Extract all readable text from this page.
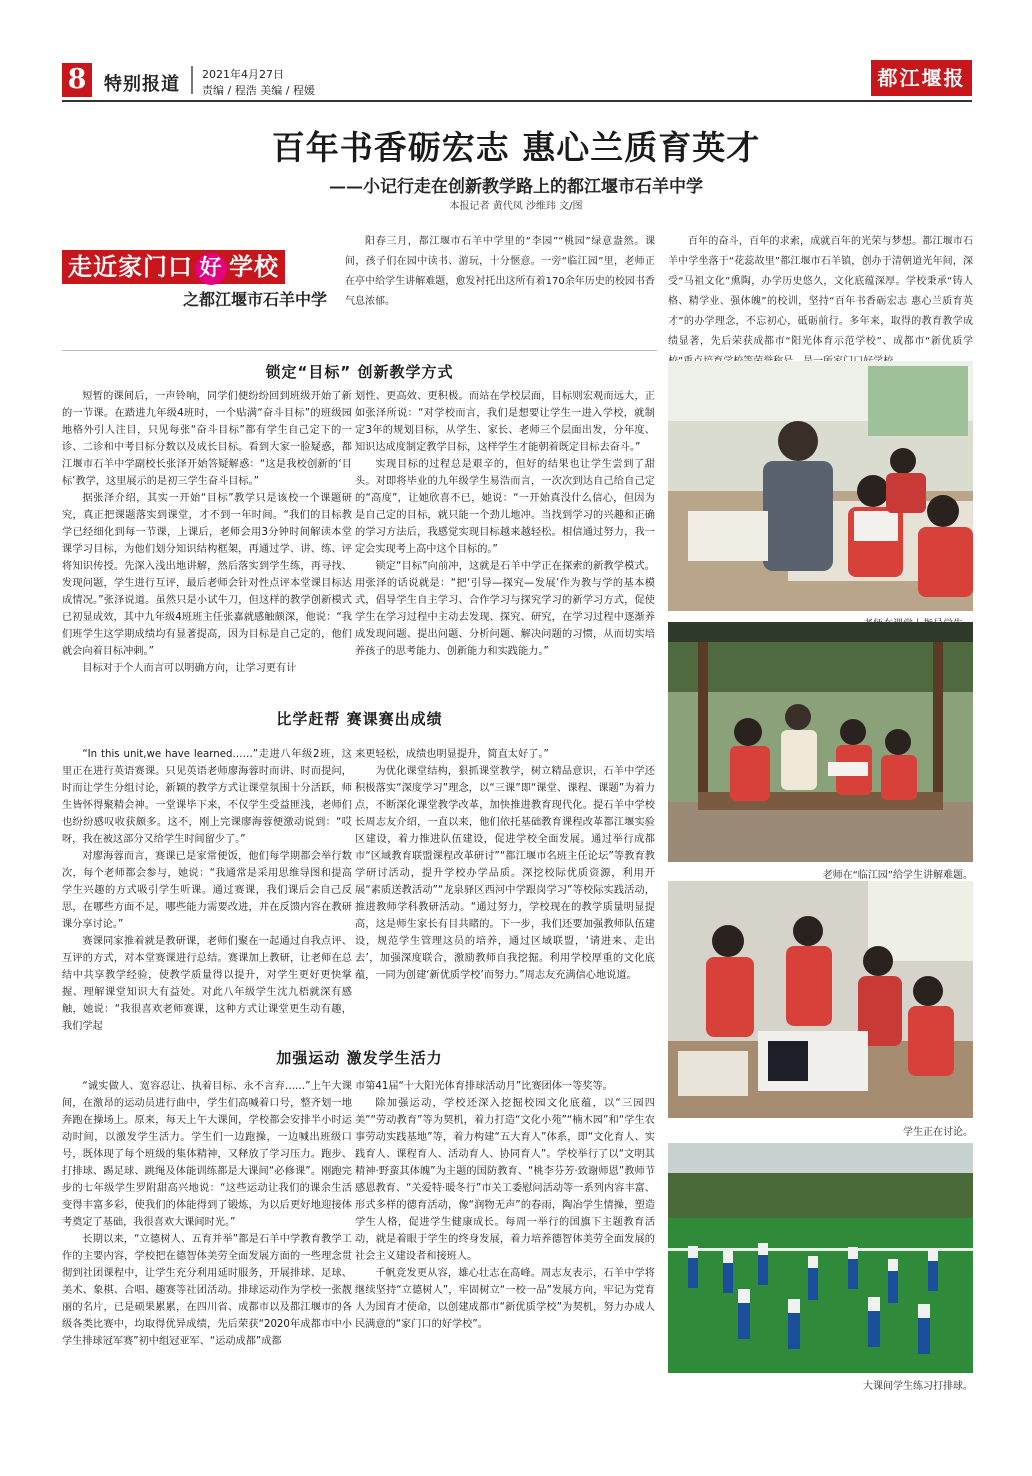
8 特别报道 2021年4月27日
责编 / 程浩 美编 / 程媛
都江堰报
百年书香砺宏志 惠心兰质育英才
——小记行走在创新教学路上的都江堰市石羊中学
本报记者 黄代凤 沙维玮 文/图
走近家门口 好 学校
之都江堰市石羊中学

阳春三月，都江堰市石羊中学里的“李园”“桃园”绿意盎然。课间，孩子们在园中读书、游玩，十分惬意。一旁“临江园”里，老师正在亭中给学生讲解难题，愈发衬托出这所有着170余年历史的校园书香气息浓郁。

百年的奋斗，百年的求索，成就百年的光荣与梦想。都江堰市石羊中学坐落于“花蕊故里”都江堰市石羊镇，创办于清朝道光年间，深受“马祖文化”熏陶，办学历史悠久，文化底蕴深厚。学校秉承“铸人格、精学业、强体魄”的校训，坚持“百年书香砺宏志 惠心兰质育英才”的办学理念，不忘初心，砥砺前行。多年来，取得的教育教学成绩显著，先后荣获成都市“阳光体育示范学校”、成都市“新优质学

锁定“目标” 创新教学方式

短暂的课间后，一声铃响，同学们便纷纷回到班级开始了新的一节课。在踏进九年级4班时，一个贴满“奋斗目标”的班级园地格外引人注目，只见每张“奋斗目标”都有学生自己定下的一诊、二诊和中考目标分数以及成长目标。看到大家一脸疑惑，都江堰市石羊中学副校长张泽开始答疑解惑：“这是我校创新的‘目标’教学，这里展示的是初三学生奋斗目标。”

据张泽介绍，其实一开始“目标”教学只是该校一个课题研究，真正把课题落实到课堂，才不到一年时间。“我们的目标教学已经细化到每一节课，上课后，老师会用3分钟时间解读本堂课学习目标，为他们划分知识结构框架，再通过学、讲、练、评将知识传授。先深入浅出地讲解，然后落实到学生练，再寻找、发现问题，学生进行互评，最后老师会针对性点评本堂课目标达成情况。”张泽说道。虽然只是小试牛刀，但这样的教学创新模式已初显成效，其中九年级4班班主任张嘉就感触颇深，他说：“我们班学生这学期成绩均有显著提高，因为目标是自己定的，他们就会向着目标冲刺。”

目标对于个人而言可以明确方向，让学习更有计

划性、更高效、更积极。而站在学校层面，目标则宏观而远大，正如张泽所说：“对学校而言，我们是想要让学生一进入学校，就制定3年的规划目标，从学生、家长、老师三个层面出发，分年度、知识达成度制定教学目标，这样学生才能朝着既定目标去奋斗。”

实现目标的过程总是艰辛的，但好的结果也让学生尝到了甜头。对即将毕业的九年级学生易浩而言，一次次到达自己给自己定的“高度”，让她欣喜不已，她说：“一开始真没什么信心，但因为是自己定的目标，就只能一个劲儿地冲。当找到学习的兴趣和正确的学习方法后，我感觉实现目标越来越轻松。相信通过努力，我一定会实现考上高中这个目标的。”

锁定“目标”向前冲，这就是石羊中学正在探索的新教学模式。用张泽的话说就是：“把‘引导—探究—发展’作为教与学的基本模式，倡导学生自主学习、合作学习与探究学习的新学习方式，促使学生在学习过程中主动去发现、探究、研究，在学习过程中逐渐养成发现问题、提出问题、分析问题、解决问题的习惯，从而切实培养孩子的思考能力、创新能力和实践能力。”

比学赶帮 赛课赛出成绩

“In this unit,we have learned……”走进八年级2班，这里正在进行英语赛课。只见英语老师廖海蓉时而讲、时而提问，时而让学生分组讨论，新颖的教学方式让课堂氛围十分活跃，师生皆怀得聚精会神。一堂课毕下来，不仅学生受益匪浅，老师们也纷纷感叹收获颇多。这不，刚上完课廖海蓉便激动说到：“哎呀，我在被这部分又给学生时间留少了。”

对廖海蓉而言，赛课已是家常便饭，他们每学期都会举行数次，每个老师都会参与，她说：“我通常是采用思维导图和提高学生兴趣的方式吸引学生听课。通过赛课，我们课后会自己反思，在哪些方面不足，哪些能力需要改进，并在反馈内容在教研课分享讨论。”

赛课同家推着就是教研课，老师们聚在一起通过自我点评、互评的方式，对本堂赛课进行总结。赛课加上教研，让老师在总结中共享教学经验，使教学质量得以提升，对学生更好更快掌握、理解课堂知识大有益处。对此八年级学生沈九梧就深有感触，她说：“我很喜欢老师赛课，这种方式让课堂更生动有趣，我们学起

来更轻松，成绩也明显提升，简直太好了。”

为优化课堂结构，狠抓课堂教学，树立精品意识，石羊中学还积极落实“深度学习”理念，以“三课”即“课堂、课程、课题”为着力点，不断深化课堂教学改革，加快推进教育现代化。提石羊中学校长周志友介绍，一直以来，他们依托基础教育课程改革都江堰实验区建设，着力推进队伍建设，促进学校全面发展。通过举行成都市“区域教育联盟课程改革研讨”“都江堰市名班主任论坛”等教育教学研讨活动，提升学校办学品质。深挖校际优质资源，利用开展“素质送教活动”“龙泉驿区西河中学跟岗学习”等校际实践活动，推进教师学科教研活动。“通过努力，学校现在的教学质量明显提高，这是师生家长有目共睹的。下一步，我们还要加强教师队伍建设，规范学生管理这员的培养，通过区域联盟，‘请进来、走出去’，加强深度联合，激励教师自我挖掘。利用学校厚重的文化底蕴，一同为创建‘新优质学校’而努力。”周志友充满信心地说道。

加强运动 激发学生活力

“诚实做人、宽容忍让、执着目标、永不言弃……”上午大课间，在激昂的运动员进行曲中，学生们高喊着口号，整齐划一地奔跑在操场上。原来，每天上午大课间，学校都会安排半小时运动时间，以激发学生活力。学生们一边跑操，一边喊出班级口号，既体现了每个班级的集体精神，又释放了学习压力。跑步、打排球、踢足球、跳绳及体能训练都是大课间“必修课”。刚跑完步的七年级学生罗附甜高兴地说：“这些运动让我们的课余生活变得丰富多彩，使我们的体能得到了锻炼，为以后更好地迎接体考奠定了基础，我很喜欢大课间时光。”

长期以来，“立德树人、五育并举”都是石羊中学教育教学工作的主要内容，学校把在德智体美劳全面发展方面的一些理念贯彻到社团课程中，让学生充分利用延时服务，开展排球、足球、美术、象棋、合唱、趣赛等社团活动。排球运动作为学校一张靓丽的名片，已是硕果累累，在四川省、成都市以及都江堰市的各级各类比赛中，均取得优异成绩，先后荣获“2020年成都市中小学生排球冠军赛”初中组冠亚军、“运动成都”成都

市第41届“十大阳光体育排球活动月”比赛团体一等奖等。

除加强运动，学校还深入挖掘校园文化底蕴，以“三园四美”“劳动教育”等为契机，着力打造“文化小苑”“楠木园”和“学生农事劳动实践基地”等，着力构建“五大育人”体系，即“文化育人、实践育人、课程育人、活动育人、协同育人”。学校举行了以“文明其精神·野蛮其体魄”为主题的国防教育、“桃李芬芳·致谢师恩”教师节感恩教育、“关爱特·暖冬行”市关工委慰问活动等一系列内容丰富、形式多样的德育活动，像“润物无声”的春雨，陶冶学生情操，塑造学生人格，促进学生健康成长。每周一举行的国旗下主题教育活动，就是着眼于学生的终身发展，着力培养德智体美劳全面发展的社会主义建设者和接班人。

千帆竞发更从容，雄心壮志在高峰。周志友表示，石羊中学将继续坚持“立德树人”，牢固树立“一校一品”发展方向，牢记为党育人为国育才使命，以创建成都市“新优质学校”为契机，努力办成人民满意的“家门口的好学校”。

老师在“临江园”给学生讲解难题。
学生正在讨论。
大课间学生练习打排球。
